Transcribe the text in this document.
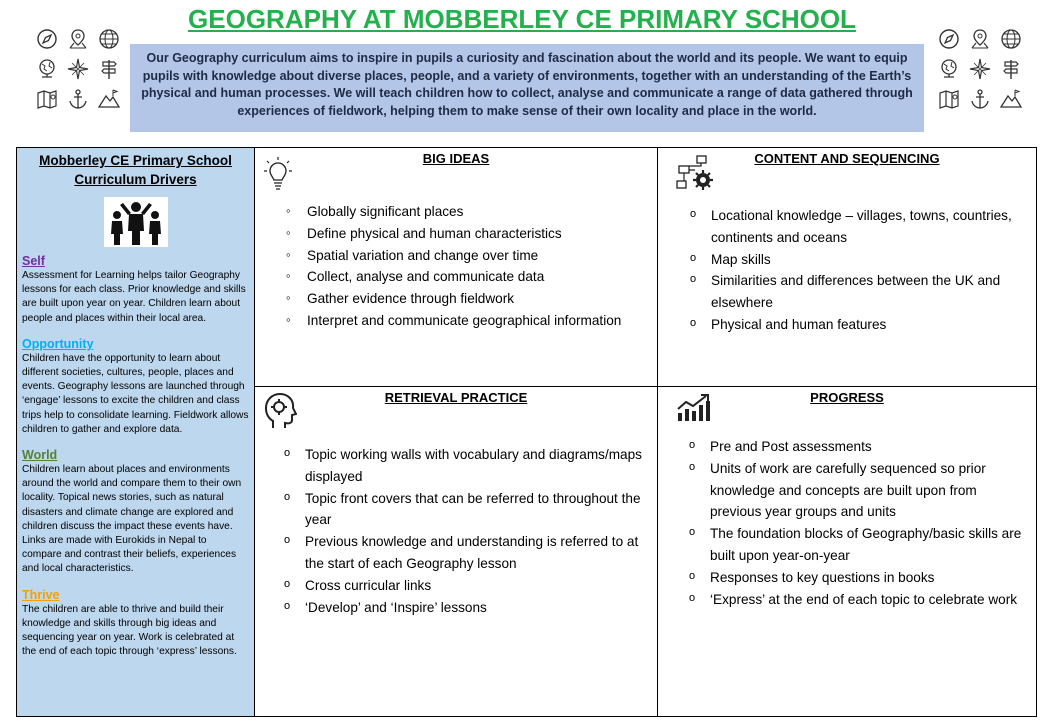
GEOGRAPHY AT MOBBERLEY CE PRIMARY SCHOOL
Our Geography curriculum aims to inspire in pupils a curiosity and fascination about the world and its people. We want to equip pupils with knowledge about diverse places, people, and a variety of environments, together with an understanding of the Earth’s physical and human processes. We will teach children how to collect, analyse and communicate a range of data gathered through experiences of fieldwork, helping them to make sense of their own locality and place in the world.
Mobberley CE Primary School Curriculum Drivers
Self
Assessment for Learning helps tailor Geography lessons for each class. Prior knowledge and skills are built upon year on year. Children learn about people and places within their local area.
Opportunity
Children have the opportunity to learn about different societies, cultures, people, places and events. Geography lessons are launched through ‘engage’ lessons to excite the children and class trips help to consolidate learning. Fieldwork allows children to gather and explore data.
World
Children learn about places and environments around the world and compare them to their own locality. Topical news stories, such as natural disasters and climate change are explored and children discuss the impact these events have. Links are made with Eurokids in Nepal to compare and contrast their beliefs, experiences and local characteristics.
Thrive
The children are able to thrive and build their knowledge and skills through big ideas and sequencing year on year. Work is celebrated at the end of each topic through ‘express’ lessons.
BIG IDEAS
◦ Globally significant places
◦ Define physical and human characteristics
◦ Spatial variation and change over time
◦ Collect, analyse and communicate data
◦ Gather evidence through fieldwork
◦ Interpret and communicate geographical information
CONTENT AND SEQUENCING
o Locational knowledge – villages, towns, countries, continents and oceans
o Map skills
o Similarities and differences between the UK and elsewhere
o Physical and human features
RETRIEVAL PRACTICE
o Topic working walls with vocabulary and diagrams/maps displayed
o Topic front covers that can be referred to throughout the year
o Previous knowledge and understanding is referred to at the start of each Geography lesson
o Cross curricular links
o ‘Develop’ and ‘Inspire’ lessons
PROGRESS
o Pre and Post assessments
o Units of work are carefully sequenced so prior knowledge and concepts are built upon from previous year groups and units
o The foundation blocks of Geography/basic skills are built upon year-on-year
o Responses to key questions in books
o ‘Express’ at the end of each topic to celebrate work
